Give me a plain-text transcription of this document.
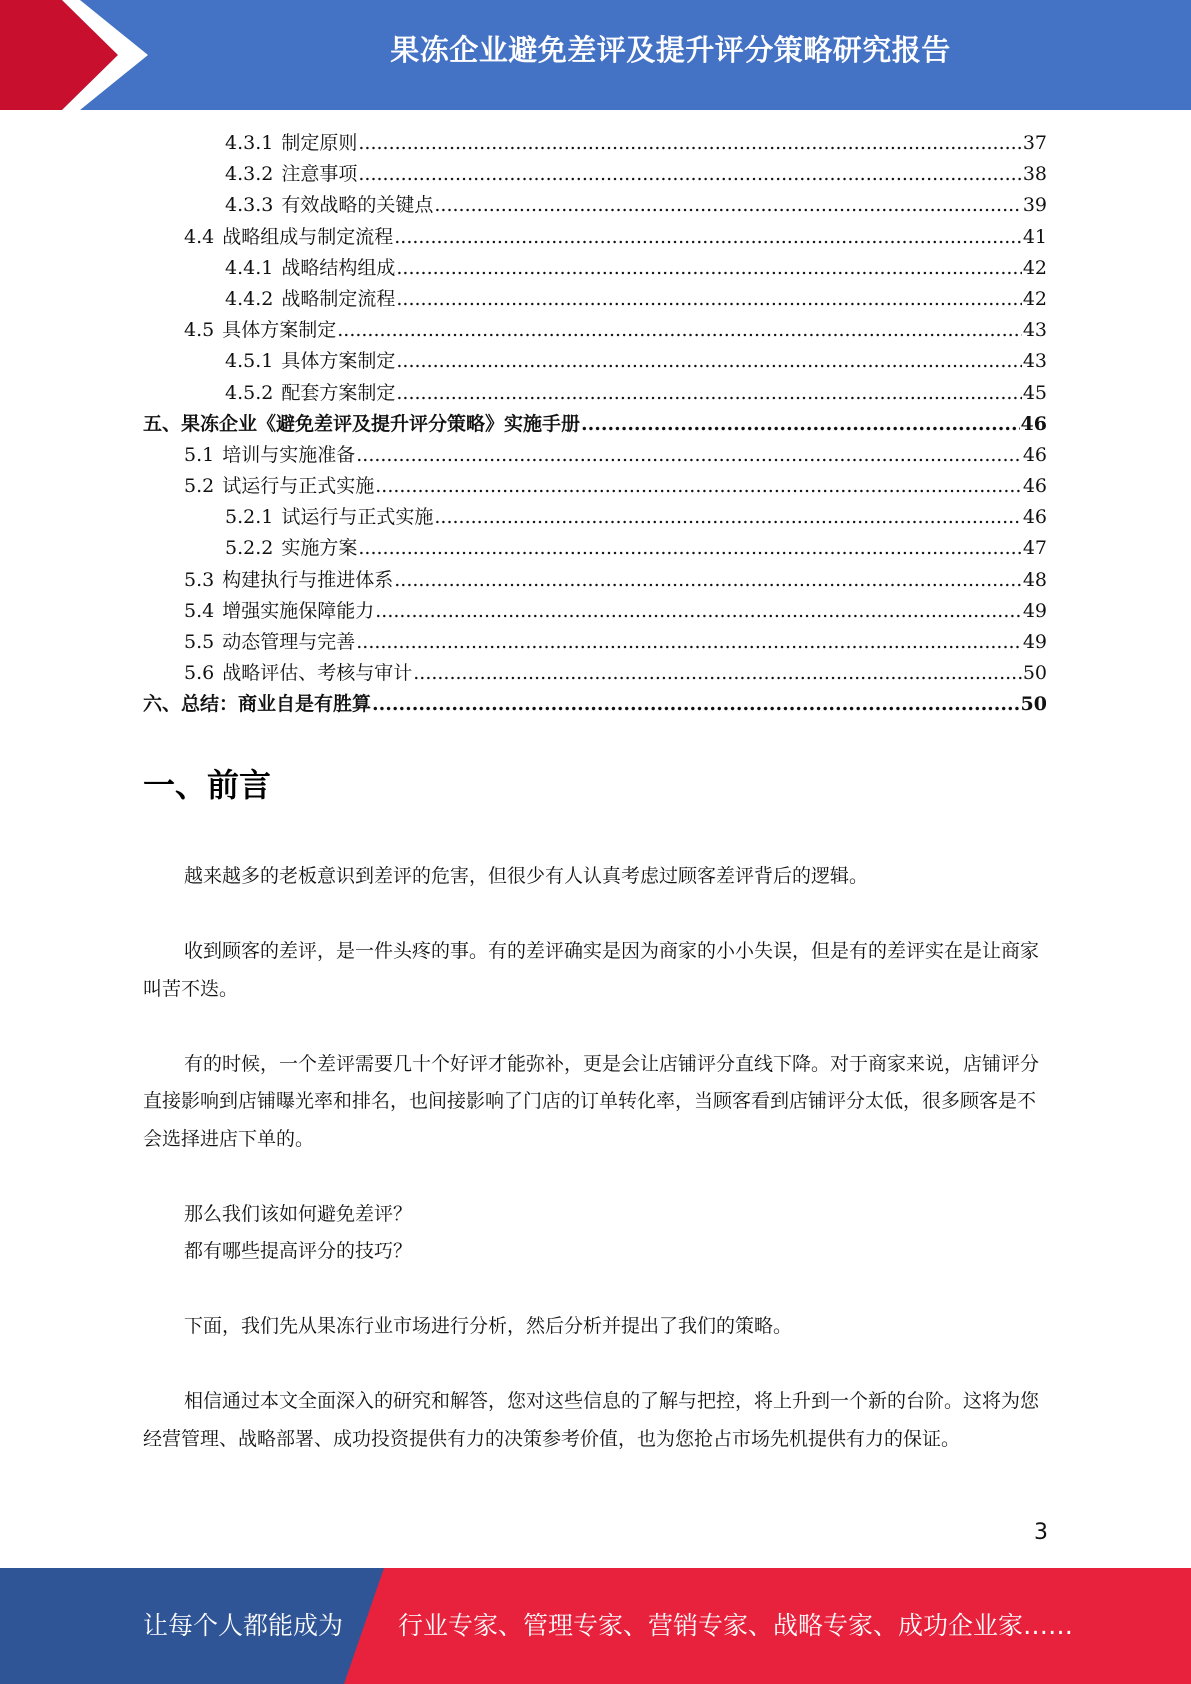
果冻企业避免差评及提升评分策略研究报告
4.3.1 制定原则 .....	37
4.3.2 注意事项 .....	38
4.3.3 有效战略的关键点 .....	39
4.4 战略组成与制定流程 .....	41
4.4.1 战略结构组成 .....	42
4.4.2 战略制定流程 .....	42
4.5 具体方案制定 .....	43
4.5.1 具体方案制定 .....	43
4.5.2 配套方案制定 .....	45
五、果冻企业《避免差评及提升评分策略》实施手册 .....	46
5.1 培训与实施准备 .....	46
5.2 试运行与正式实施 .....	46
5.2.1 试运行与正式实施 .....	46
5.2.2 实施方案 .....	47
5.3 构建执行与推进体系 .....	48
5.4 增强实施保障能力 .....	49
5.5 动态管理与完善 .....	49
5.6 战略评估、考核与审计 .....	50
六、总结：商业自是有胜算 .....	50
一、前言

越来越多的老板意识到差评的危害，但很少有人认真考虑过顾客差评背后的逻辑。

收到顾客的差评，是一件头疼的事。有的差评确实是因为商家的小小失误，但是有的差评实在是让商家叫苦不迭。

有的时候，一个差评需要几十个好评才能弥补，更是会让店铺评分直线下降。对于商家来说，店铺评分直接影响到店铺曝光率和排名，也间接影响了门店的订单转化率，当顾客看到店铺评分太低，很多顾客是不会选择进店下单的。

那么我们该如何避免差评？

都有哪些提高评分的技巧？

下面，我们先从果冻行业市场进行分析，然后分析并提出了我们的策略。

相信通过本文全面深入的研究和解答，您对这些信息的了解与把控，将上升到一个新的台阶。这将为您经营管理、战略部署、成功投资提供有力的决策参考价值，也为您抢占市场先机提供有力的保证。

3
让每个人都能成为 行业专家、管理专家、营销专家、战略专家、成功企业家……
